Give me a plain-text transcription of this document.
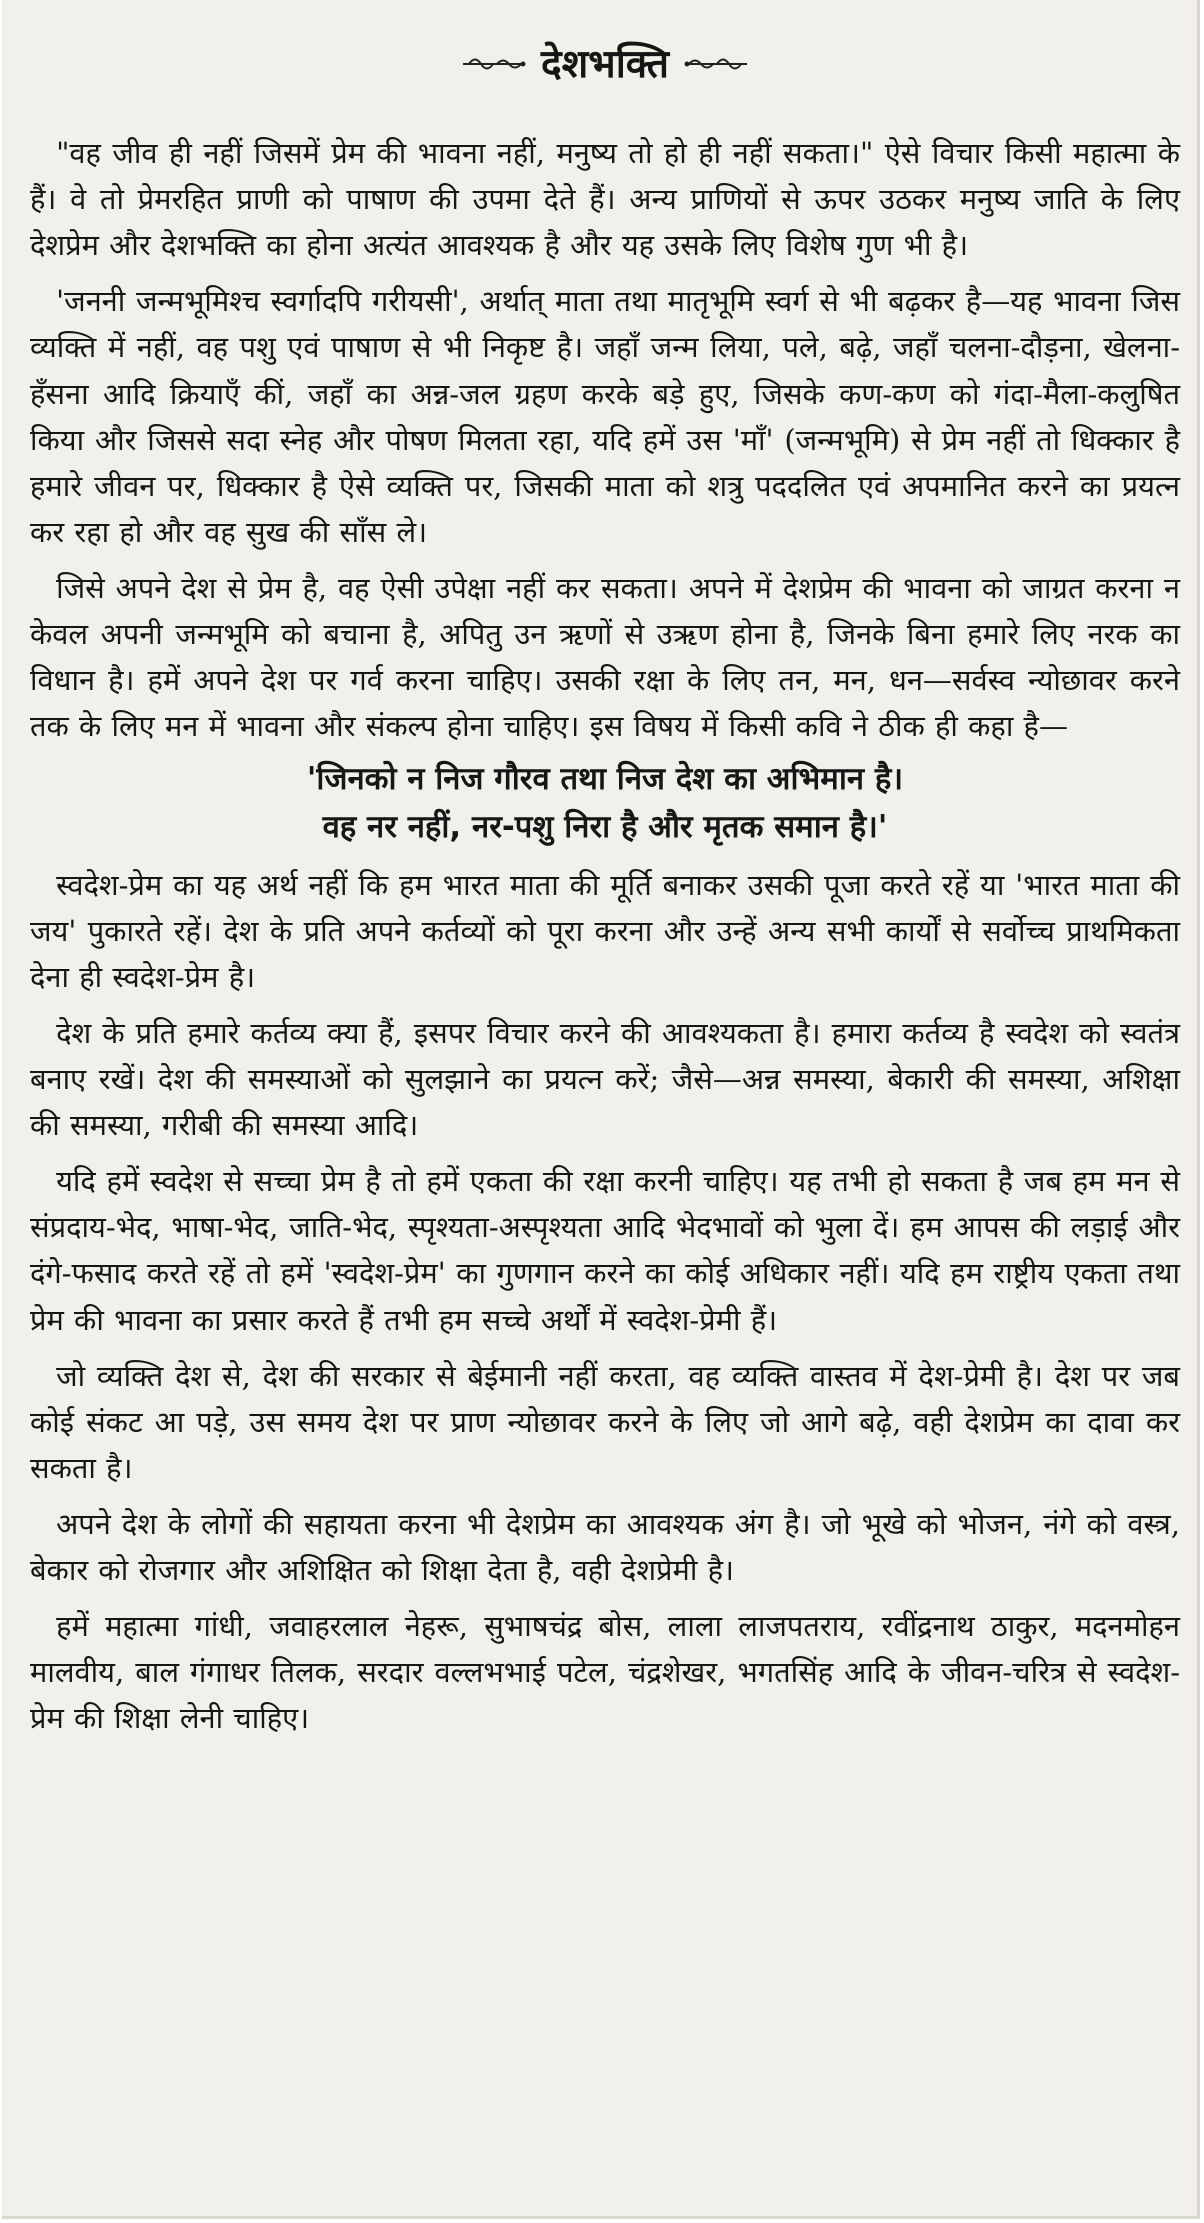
देशभक्ति

"वह जीव ही नहीं जिसमें प्रेम की भावना नहीं, मनुष्य तो हो ही नहीं सकता।" ऐसे विचार किसी महात्मा के हैं। वे तो प्रेमरहित प्राणी को पाषाण की उपमा देते हैं। अन्य प्राणियों से ऊपर उठकर मनुष्य जाति के लिए देशप्रेम और देशभक्ति का होना अत्यंत आवश्यक है और यह उसके लिए विशेष गुण भी है।

'जननी जन्मभूमिश्च स्वर्गादपि गरीयसी', अर्थात् माता तथा मातृभूमि स्वर्ग से भी बढ़कर है—यह भावना जिस व्यक्ति में नहीं, वह पशु एवं पाषाण से भी निकृष्ट है। जहाँ जन्म लिया, पले, बढ़े, जहाँ चलना-दौड़ना, खेलना-हँसना आदि क्रियाएँ कीं, जहाँ का अन्न-जल ग्रहण करके बड़े हुए, जिसके कण-कण को गंदा-मैला-कलुषित किया और जिससे सदा स्नेह और पोषण मिलता रहा, यदि हमें उस 'माँ' (जन्मभूमि) से प्रेम नहीं तो धिक्कार है हमारे जीवन पर, धिक्कार है ऐसे व्यक्ति पर, जिसकी माता को शत्रु पददलित एवं अपमानित करने का प्रयत्न कर रहा हो और वह सुख की साँस ले।

जिसे अपने देश से प्रेम है, वह ऐसी उपेक्षा नहीं कर सकता। अपने में देशप्रेम की भावना को जाग्रत करना न केवल अपनी जन्मभूमि को बचाना है, अपितु उन ऋणों से उऋण होना है, जिनके बिना हमारे लिए नरक का विधान है। हमें अपने देश पर गर्व करना चाहिए। उसकी रक्षा के लिए तन, मन, धन—सर्वस्व न्योछावर करने तक के लिए मन में भावना और संकल्प होना चाहिए। इस विषय में किसी कवि ने ठीक ही कहा है—

'जिनको न निज गौरव तथा निज देश का अभिमान है।
वह नर नहीं, नर-पशु निरा है और मृतक समान है।'

स्वदेश-प्रेम का यह अर्थ नहीं कि हम भारत माता की मूर्ति बनाकर उसकी पूजा करते रहें या 'भारत माता की जय' पुकारते रहें। देश के प्रति अपने कर्तव्यों को पूरा करना और उन्हें अन्य सभी कार्यों से सर्वोच्च प्राथमिकता देना ही स्वदेश-प्रेम है।

देश के प्रति हमारे कर्तव्य क्या हैं, इसपर विचार करने की आवश्यकता है। हमारा कर्तव्य है स्वदेश को स्वतंत्र बनाए रखें। देश की समस्याओं को सुलझाने का प्रयत्न करें; जैसे—अन्न समस्या, बेकारी की समस्या, अशिक्षा की समस्या, गरीबी की समस्या आदि।

यदि हमें स्वदेश से सच्चा प्रेम है तो हमें एकता की रक्षा करनी चाहिए। यह तभी हो सकता है जब हम मन से संप्रदाय-भेद, भाषा-भेद, जाति-भेद, स्पृश्यता-अस्पृश्यता आदि भेदभावों को भुला दें। हम आपस की लड़ाई और दंगे-फसाद करते रहें तो हमें 'स्वदेश-प्रेम' का गुणगान करने का कोई अधिकार नहीं। यदि हम राष्ट्रीय एकता तथा प्रेम की भावना का प्रसार करते हैं तभी हम सच्चे अर्थों में स्वदेश-प्रेमी हैं।

जो व्यक्ति देश से, देश की सरकार से बेईमानी नहीं करता, वह व्यक्ति वास्तव में देश-प्रेमी है। देश पर जब कोई संकट आ पड़े, उस समय देश पर प्राण न्योछावर करने के लिए जो आगे बढ़े, वही देशप्रेम का दावा कर सकता है।

अपने देश के लोगों की सहायता करना भी देशप्रेम का आवश्यक अंग है। जो भूखे को भोजन, नंगे को वस्त्र, बेकार को रोजगार और अशिक्षित को शिक्षा देता है, वही देशप्रेमी है।

हमें महात्मा गांधी, जवाहरलाल नेहरू, सुभाषचंद्र बोस, लाला लाजपतराय, रवींद्रनाथ ठाकुर, मदनमोहन मालवीय, बाल गंगाधर तिलक, सरदार वल्लभभाई पटेल, चंद्रशेखर, भगतसिंह आदि के जीवन-चरित्र से स्वदेश-प्रेम की शिक्षा लेनी चाहिए।
